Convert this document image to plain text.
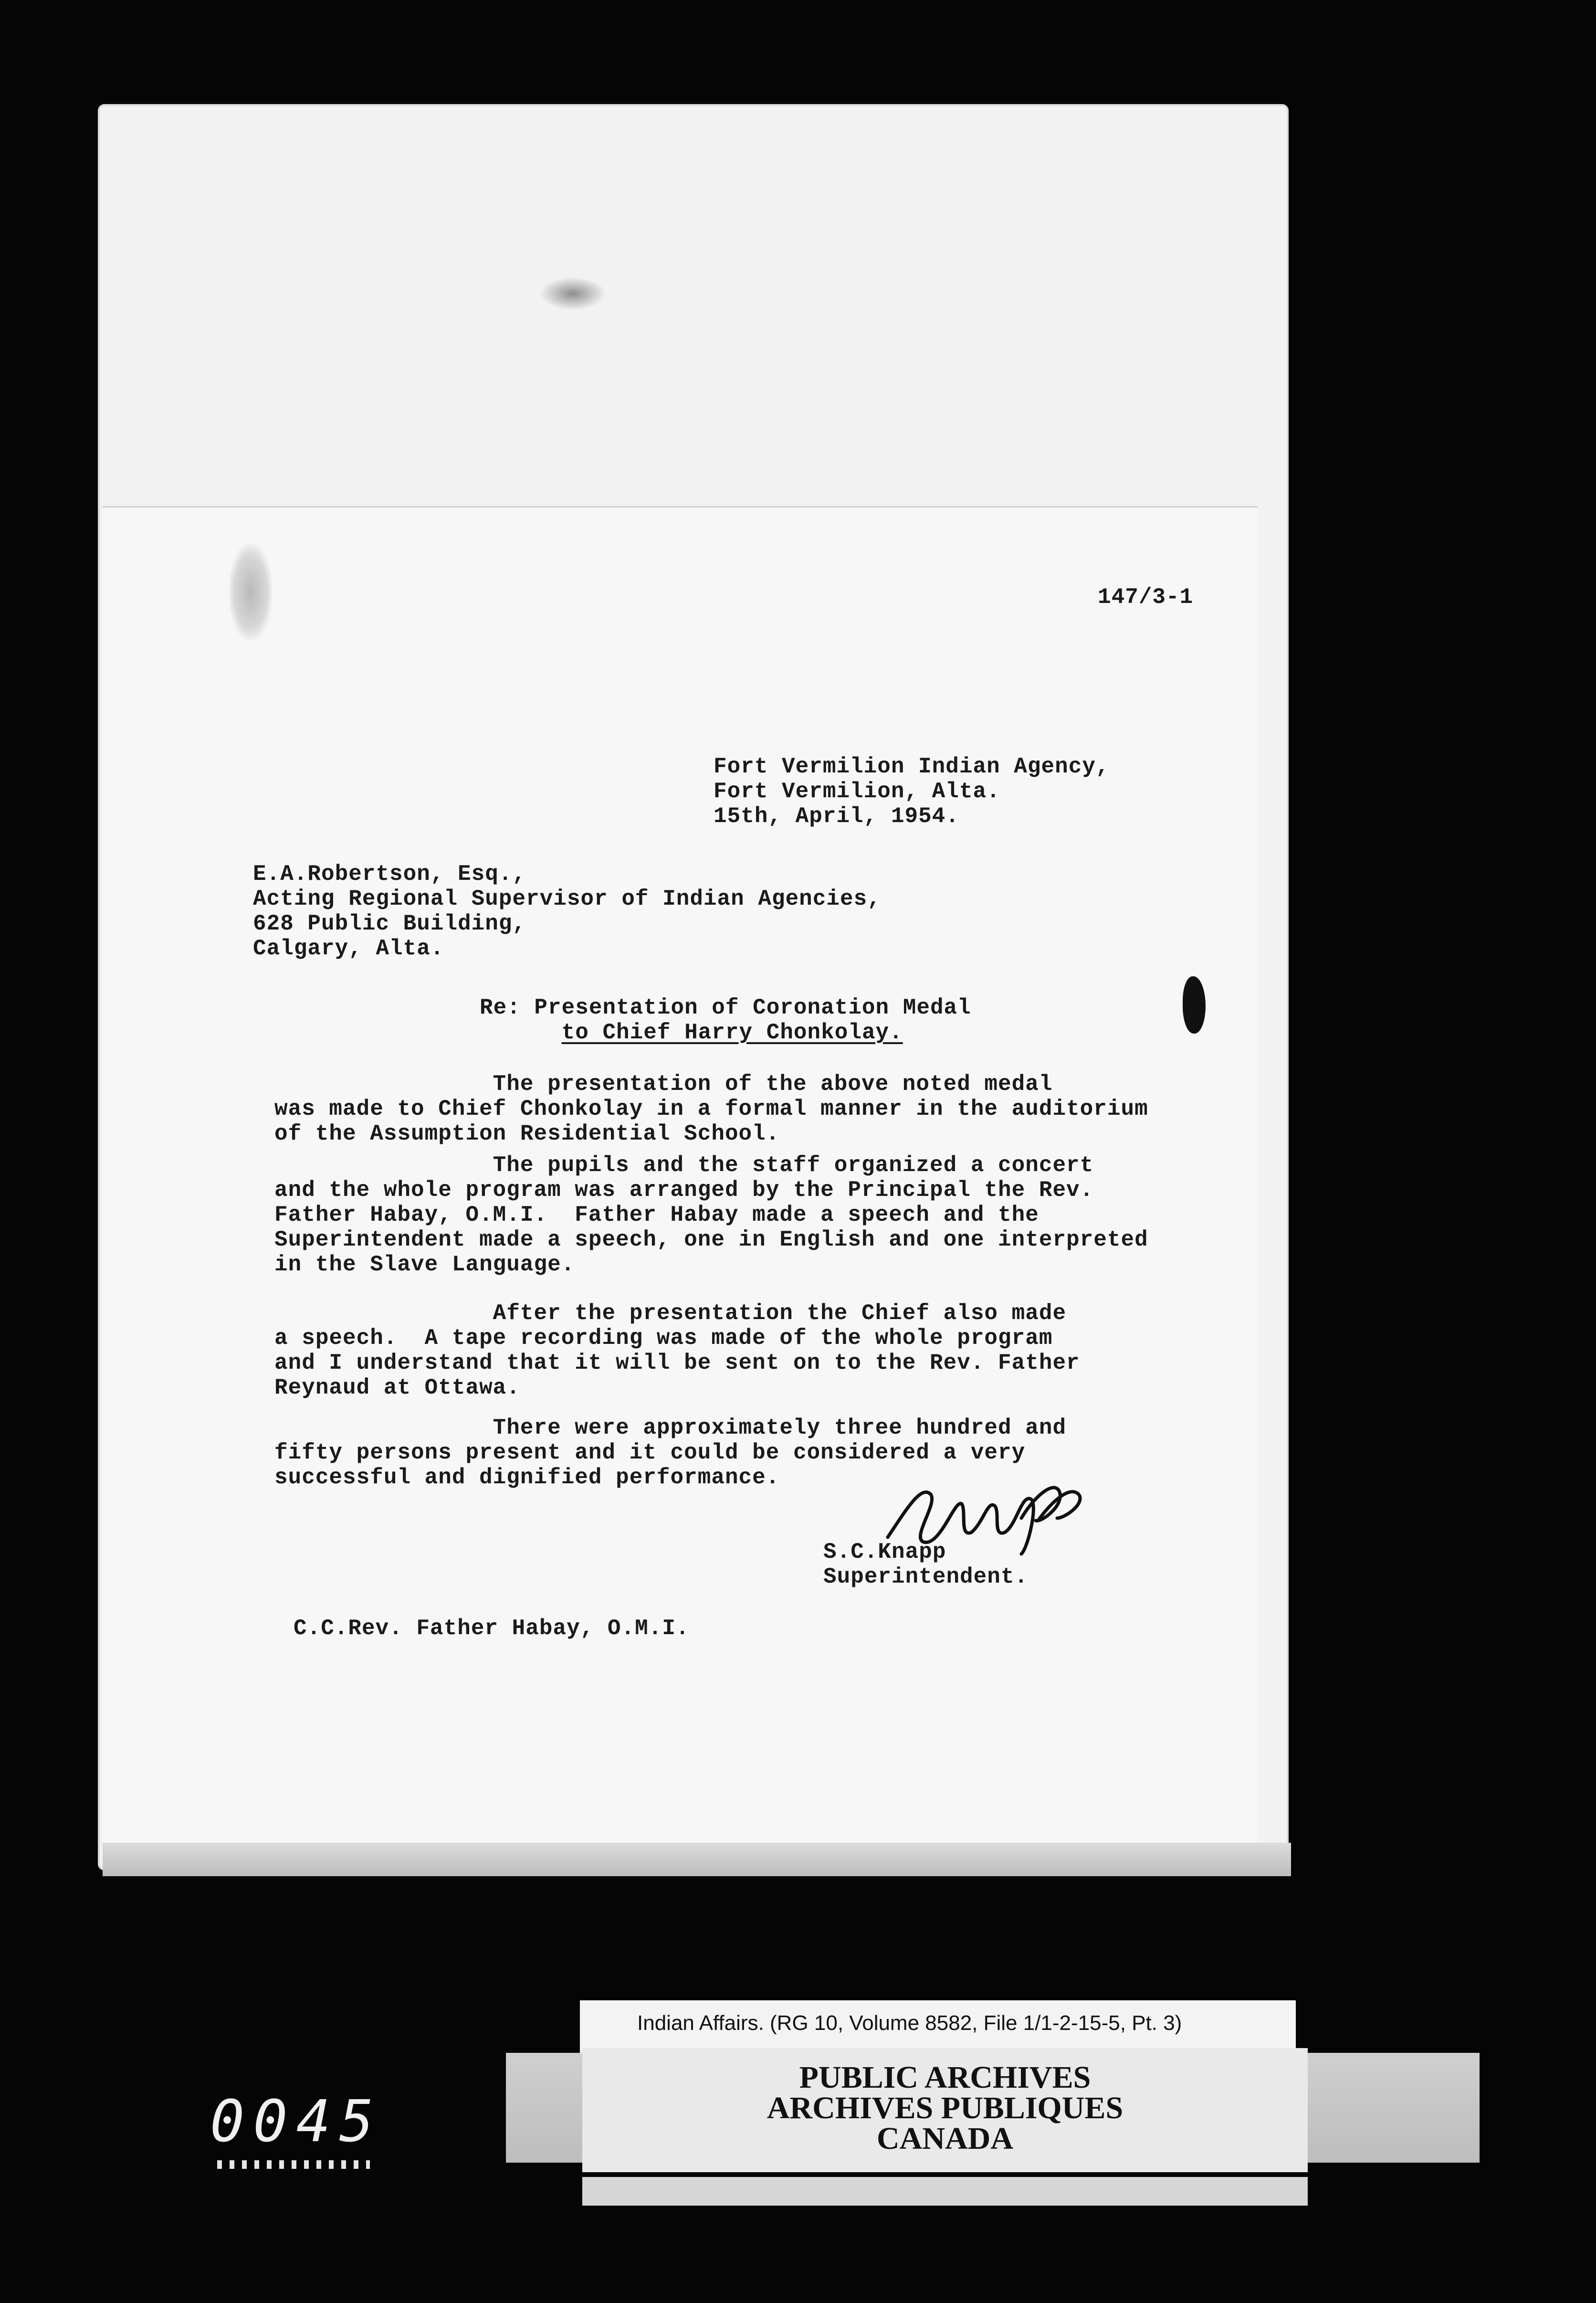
147/3-1
Fort Vermilion Indian Agency,
Fort Vermilion, Alta.
15th, April, 1954.
E.A.Robertson, Esq.,
Acting Regional Supervisor of Indian Agencies,
628 Public Building,
Calgary, Alta.
Re: Presentation of Coronation Medal
to Chief Harry Chonkolay.
The presentation of the above noted medal
was made to Chief Chonkolay in a formal manner in the auditorium
of the Assumption Residential School.
The pupils and the staff organized a concert
and the whole program was arranged by the Principal the Rev.
Father Habay, O.M.I.  Father Habay made a speech and the
Superintendent made a speech, one in English and one interpreted
in the Slave Language.
After the presentation the Chief also made
a speech.  A tape recording was made of the whole program
and I understand that it will be sent on to the Rev. Father
Reynaud at Ottawa.
There were approximately three hundred and
fifty persons present and it could be considered a very
successful and dignified performance.
S.C.Knapp
Superintendent.
C.C.Rev. Father Habay, O.M.I.
0045
Indian Affairs. (RG 10, Volume 8582, File 1/1-2-15-5, Pt. 3)
PUBLIC ARCHIVES
ARCHIVES PUBLIQUES
CANADA
